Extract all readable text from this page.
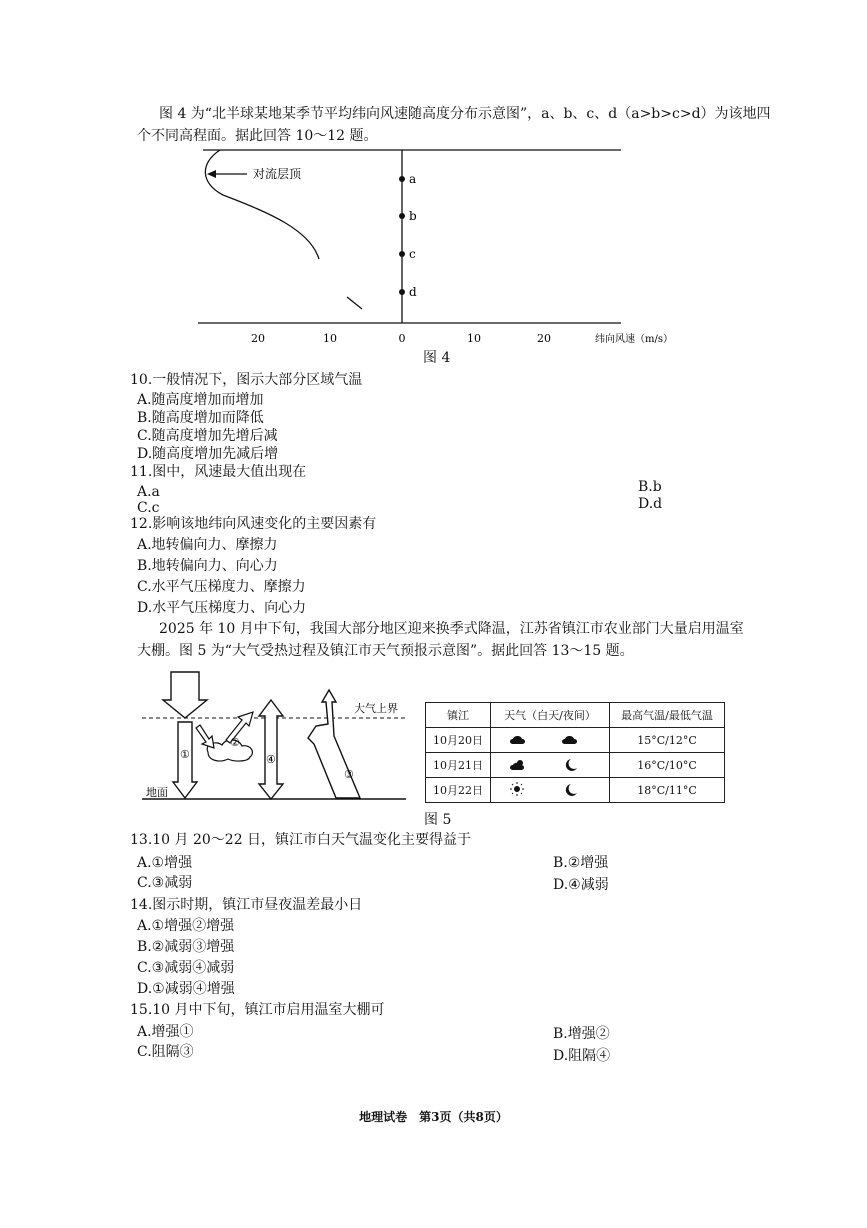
图 4 为“北半球某地某季节平均纬向风速随高度分布示意图”，a、b、c、d（a>b>c>d）为该地四
个不同高程面。据此回答 10～12 题。
对流层顶	a
b
c
d
20	10	0	10	20	纬向风速（m/s）
图 4
10.一般情况下，图示大部分区域气温
A.随高度增加而增加
B.随高度增加而降低
C.随高度增加先增后减
D.随高度增加先减后增
11.图中，风速最大值出现在
A.a	B.b
C.c	D.d
12.影响该地纬向风速变化的主要因素有
A.地转偏向力、摩擦力
B.地转偏向力、向心力
C.水平气压梯度力、摩擦力
D.水平气压梯度力、向心力
2025 年 10 月中下旬，我国大部分地区迎来换季式降温，江苏省镇江市农业部门大量启用温室
大棚。图 5 为“大气受热过程及镇江市天气预报示意图”。据此回答 13～15 题。
大气上界
地面
①
②
④
③
镇江	天气（白天/夜间）	最高气温/最低气温
10月20日		15°C/12°C
10月21日		16°C/10°C
10月22日		18°C/11°C
图 5
13.10 月 20～22 日，镇江市白天气温变化主要得益于
A.①增强	B.②增强
C.③减弱	D.④减弱
14.图示时期，镇江市昼夜温差最小日
A.①增强②增强
B.②减弱③增强
C.③减弱④减弱
D.①减弱④增强
15.10 月中下旬，镇江市启用温室大棚可
A.增强①	B.增强②
C.阻隔③	D.阻隔④
地理试卷　第3页（共8页）
